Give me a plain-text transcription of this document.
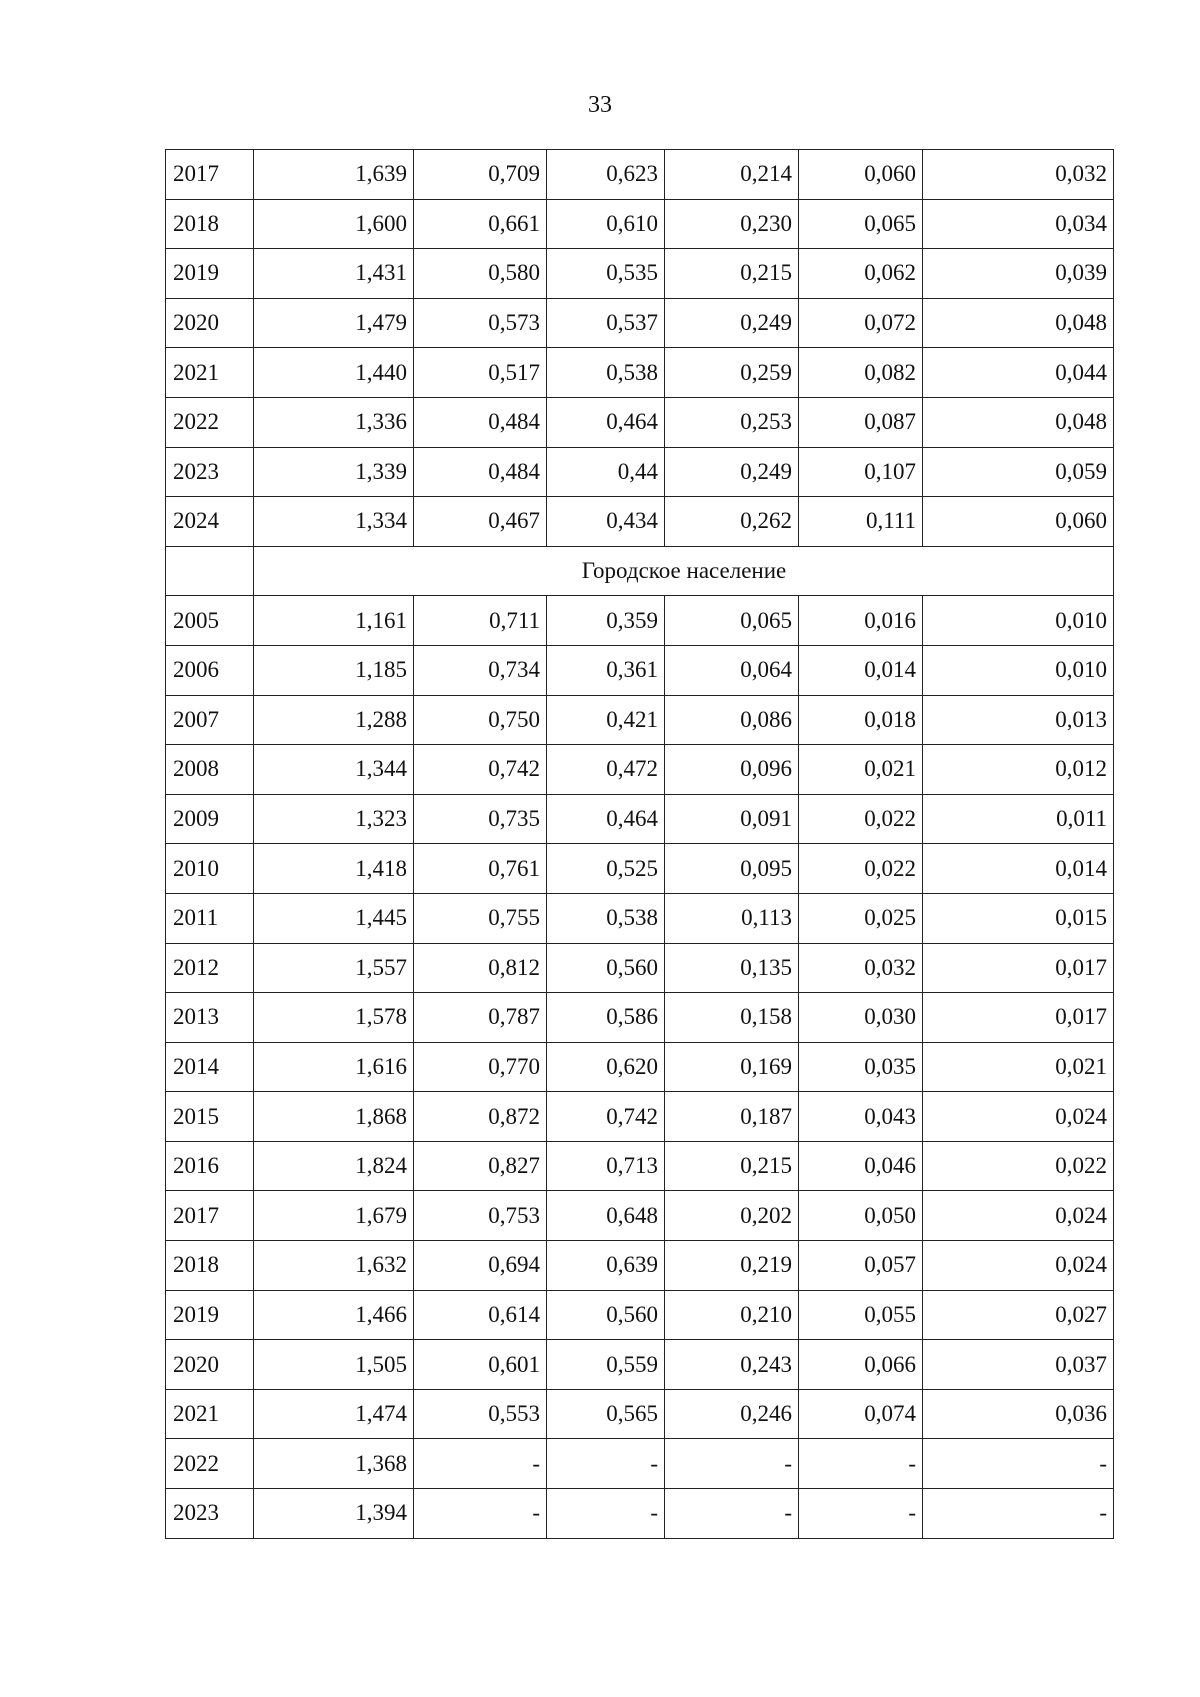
33
2017	1,639	0,709	0,623	0,214	0,060	0,032
2018	1,600	0,661	0,610	0,230	0,065	0,034
2019	1,431	0,580	0,535	0,215	0,062	0,039
2020	1,479	0,573	0,537	0,249	0,072	0,048
2021	1,440	0,517	0,538	0,259	0,082	0,044
2022	1,336	0,484	0,464	0,253	0,087	0,048
2023	1,339	0,484	0,44	0,249	0,107	0,059
2024	1,334	0,467	0,434	0,262	0,111	0,060
	Городское население					
2005	1,161	0,711	0,359	0,065	0,016	0,010
2006	1,185	0,734	0,361	0,064	0,014	0,010
2007	1,288	0,750	0,421	0,086	0,018	0,013
2008	1,344	0,742	0,472	0,096	0,021	0,012
2009	1,323	0,735	0,464	0,091	0,022	0,011
2010	1,418	0,761	0,525	0,095	0,022	0,014
2011	1,445	0,755	0,538	0,113	0,025	0,015
2012	1,557	0,812	0,560	0,135	0,032	0,017
2013	1,578	0,787	0,586	0,158	0,030	0,017
2014	1,616	0,770	0,620	0,169	0,035	0,021
2015	1,868	0,872	0,742	0,187	0,043	0,024
2016	1,824	0,827	0,713	0,215	0,046	0,022
2017	1,679	0,753	0,648	0,202	0,050	0,024
2018	1,632	0,694	0,639	0,219	0,057	0,024
2019	1,466	0,614	0,560	0,210	0,055	0,027
2020	1,505	0,601	0,559	0,243	0,066	0,037
2021	1,474	0,553	0,565	0,246	0,074	0,036
2022	1,368	-	-	-	-	-
2023	1,394	-	-	-	-	-
